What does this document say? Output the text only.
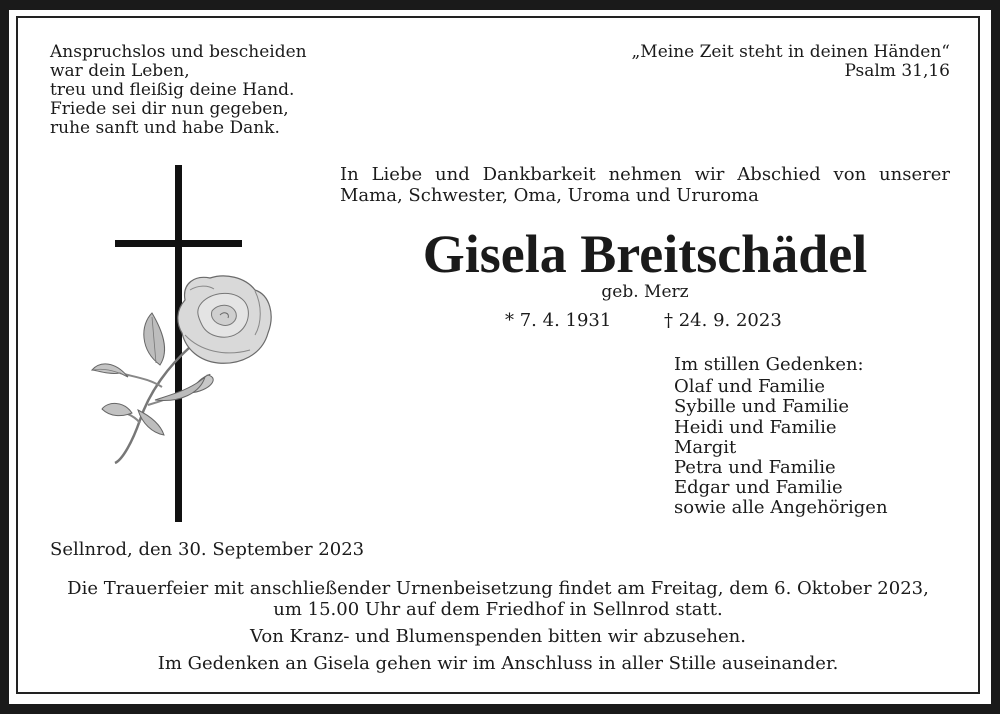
Anspruchslos und bescheiden
war dein Leben,
treu und fleißig deine Hand.
Friede sei dir nun gegeben,
ruhe sanft und habe Dank.
„Meine Zeit steht in deinen Händen“
Psalm 31,16
In Liebe und Dankbarkeit nehmen wir Abschied von unserer Mama, Schwester, Oma, Uroma und Ururoma
Gisela Breitschädel
geb. Merz
* 7. 4. 1931	† 24. 9. 2023
Im stillen Gedenken:
Olaf und Familie
Sybille und Familie
Heidi und Familie
Margit
Petra und Familie
Edgar und Familie
sowie alle Angehörigen
Sellnrod, den 30. September 2023
Die Trauerfeier mit anschließender Urnenbeisetzung findet am Freitag, dem 6. Oktober 2023,
um 15.00 Uhr auf dem Friedhof in Sellnrod statt.
Von Kranz- und Blumenspenden bitten wir abzusehen.
Im Gedenken an Gisela gehen wir im Anschluss in aller Stille auseinander.
